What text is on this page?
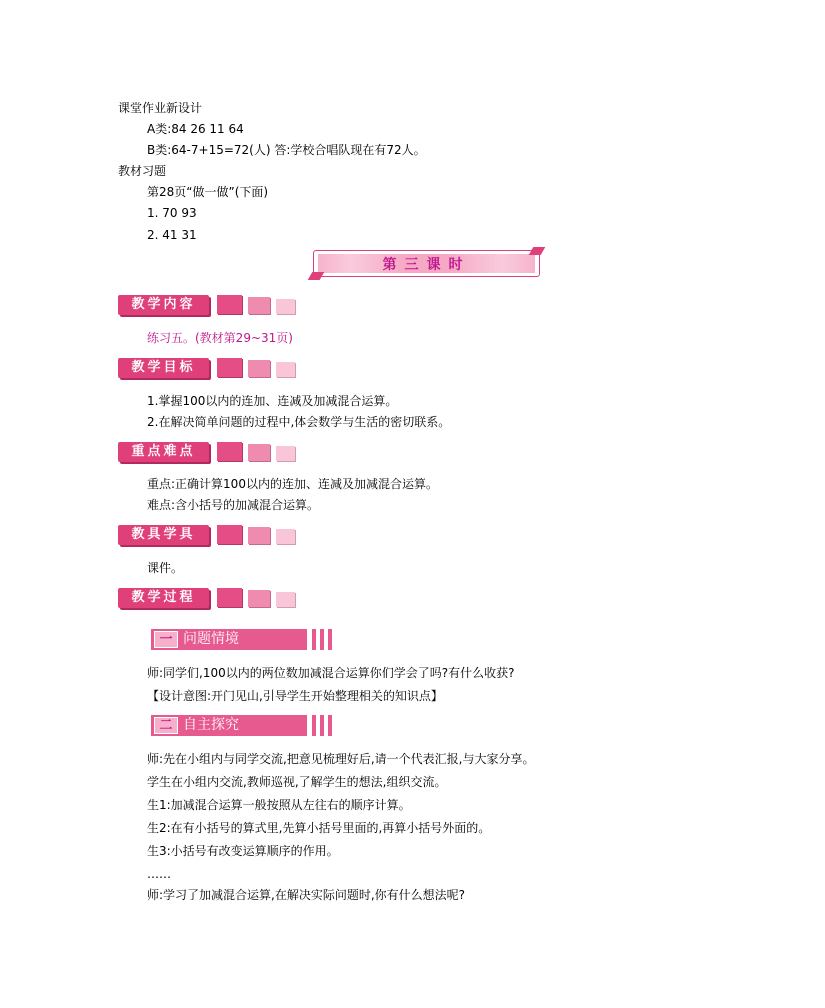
课堂作业新设计
A类:84 26 11 64
B类:64-7+15=72(人) 答:学校合唱队现在有72人。
教材习题
第28页“做一做”(下面)
1. 70 93
2. 41 31
第三课时
教学内容
练习五。(教材第29~31页)
教学目标
1.掌握100以内的连加、连减及加减混合运算。
2.在解决简单问题的过程中,体会数学与生活的密切联系。
重点难点
重点:正确计算100以内的连加、连减及加减混合运算。
难点:含小括号的加减混合运算。
教具学具
课件。
教学过程
一 问题情境
师:同学们,100以内的两位数加减混合运算你们学会了吗?有什么收获?
【设计意图:开门见山,引导学生开始整理相关的知识点】
二 自主探究
师:先在小组内与同学交流,把意见梳理好后,请一个代表汇报,与大家分享。
学生在小组内交流,教师巡视,了解学生的想法,组织交流。
生1:加减混合运算一般按照从左往右的顺序计算。
生2:在有小括号的算式里,先算小括号里面的,再算小括号外面的。
生3:小括号有改变运算顺序的作用。
……
师:学习了加减混合运算,在解决实际问题时,你有什么想法呢?
